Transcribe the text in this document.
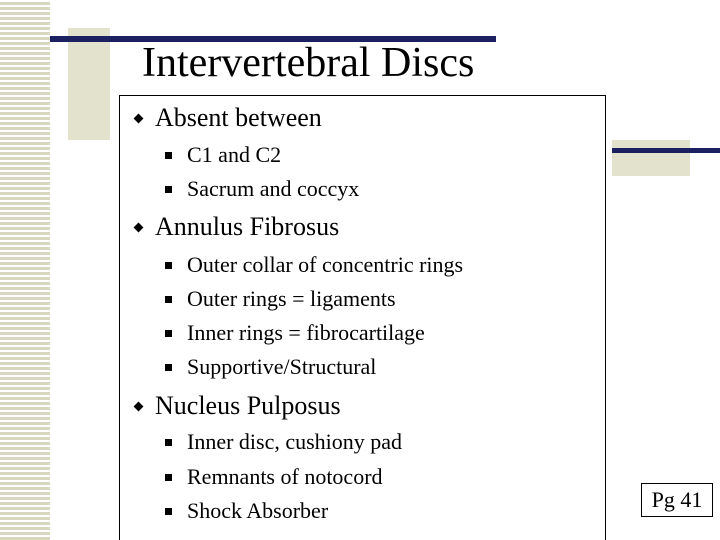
Intervertebral Discs
Absent between
C1 and C2
Sacrum and coccyx
Annulus Fibrosus
Outer collar of concentric rings
Outer rings = ligaments
Inner rings = fibrocartilage
Supportive/Structural
Nucleus Pulposus
Inner disc, cushiony pad
Remnants of notocord
Shock Absorber	Pg 41
